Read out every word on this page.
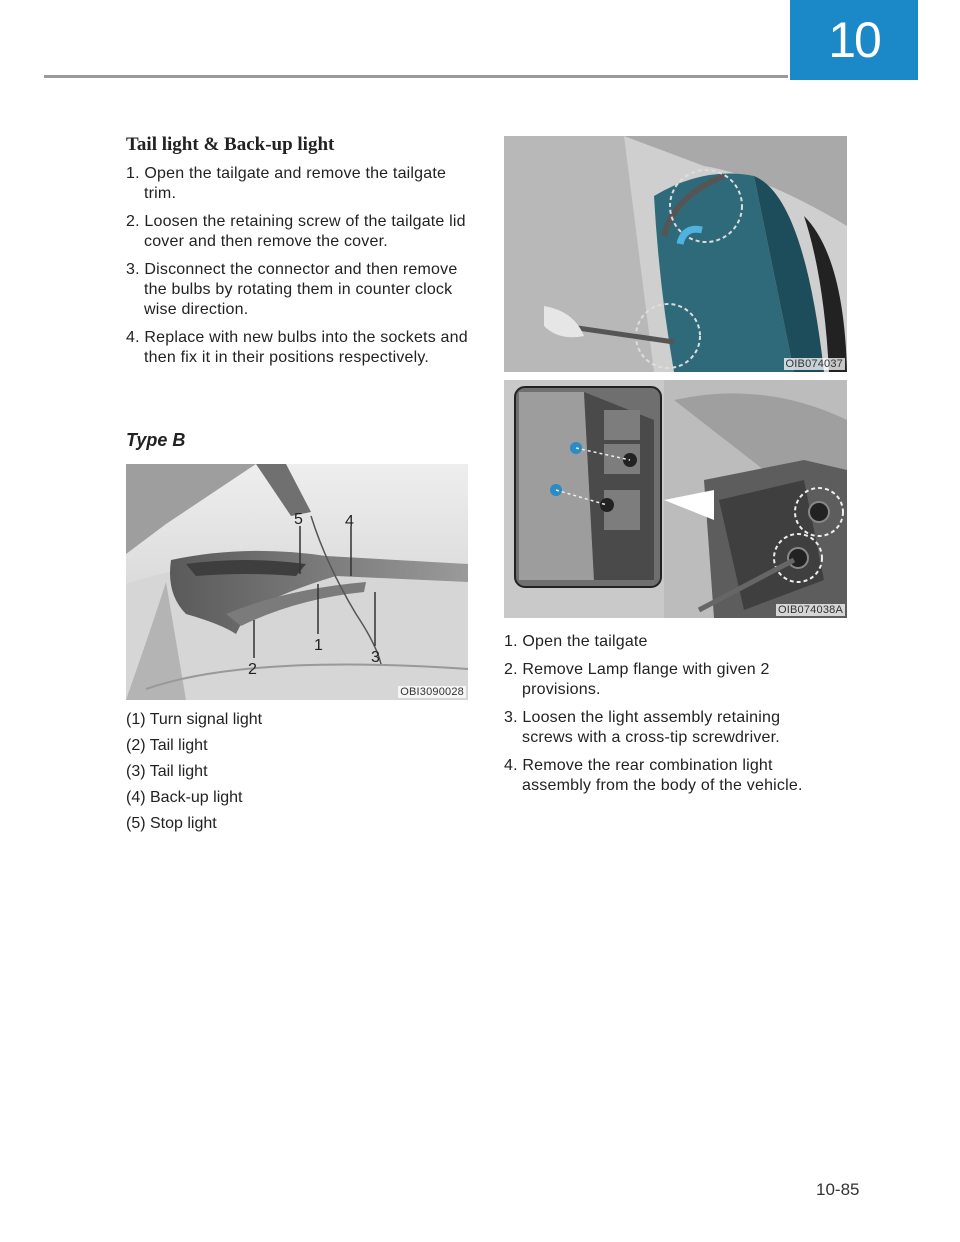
10
Tail light & Back-up light
1. Open the tailgate and remove the tailgate trim.
2. Loosen the retaining screw of the tailgate lid cover and then remove the cover.
3. Disconnect the connector and then remove the bulbs by rotating them in counter clock wise direction.
4. Replace with new bulbs into the sockets and then fix it in their positions respectively.
Type B
5	4
1
2
3
OBI3090028
(1) Turn signal light
(2) Tail light
(3) Tail light
(4) Back-up light
(5) Stop light
OIB074037
OIB074038A
1. Open the tailgate
2. Remove Lamp flange with given 2 provisions.
3. Loosen the light assembly retaining screws with a cross-tip screwdriver.
4. Remove the rear combination light assembly from the body of the vehicle.
10-85
